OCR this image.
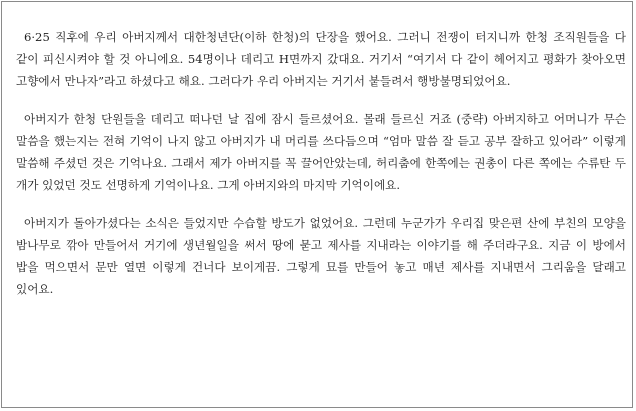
6·25 직후에 우리 아버지께서 대한청년단(이하 한청)의 단장을 했어요. 그러니 전쟁이 터지니까 한청 조직원들을 다 같이 피신시켜야 할 것 아니에요. 54명이나 데리고 H면까지 갔대요. 거기서 “여기서 다 같이 헤어지고 평화가 찾아오면 고향에서 만나자”라고 하셨다고 해요. 그러다가 우리 아버지는 거기서 붙들려서 행방불명되었어요.

아버지가 한청 단원들을 데리고 떠나던 날 집에 잠시 들르셨어요. 몰래 들르신 거죠 (중략) 아버지하고 어머니가 무슨 말씀을 했는지는 전혀 기억이 나지 않고 아버지가 내 머리를 쓰다듬으며 “엄마 말씀 잘 듣고 공부 잘하고 있어라” 이렇게 말씀해 주셨던 것은 기억나요. 그래서 제가 아버지를 꼭 끌어안았는데, 허리춤에 한쪽에는 권총이 다른 쪽에는 수류탄 두 개가 있었던 것도 선명하게 기억이나요. 그게 아버지와의 마지막 기억이에요.

아버지가 돌아가셨다는 소식은 들었지만 수습할 방도가 없었어요. 그런데 누군가가 우리집 맞은편 산에 부친의 모양을 밤나무로 깎아 만들어서 거기에 생년월일을 써서 땅에 묻고 제사를 지내라는 이야기를 해 주더라구요. 지금 이 방에서 밥을 먹으면서 문만 열면 이렇게 건너다 보이게끔. 그렇게 묘를 만들어 놓고 매년 제사를 지내면서 그리움을 달래고 있어요.
